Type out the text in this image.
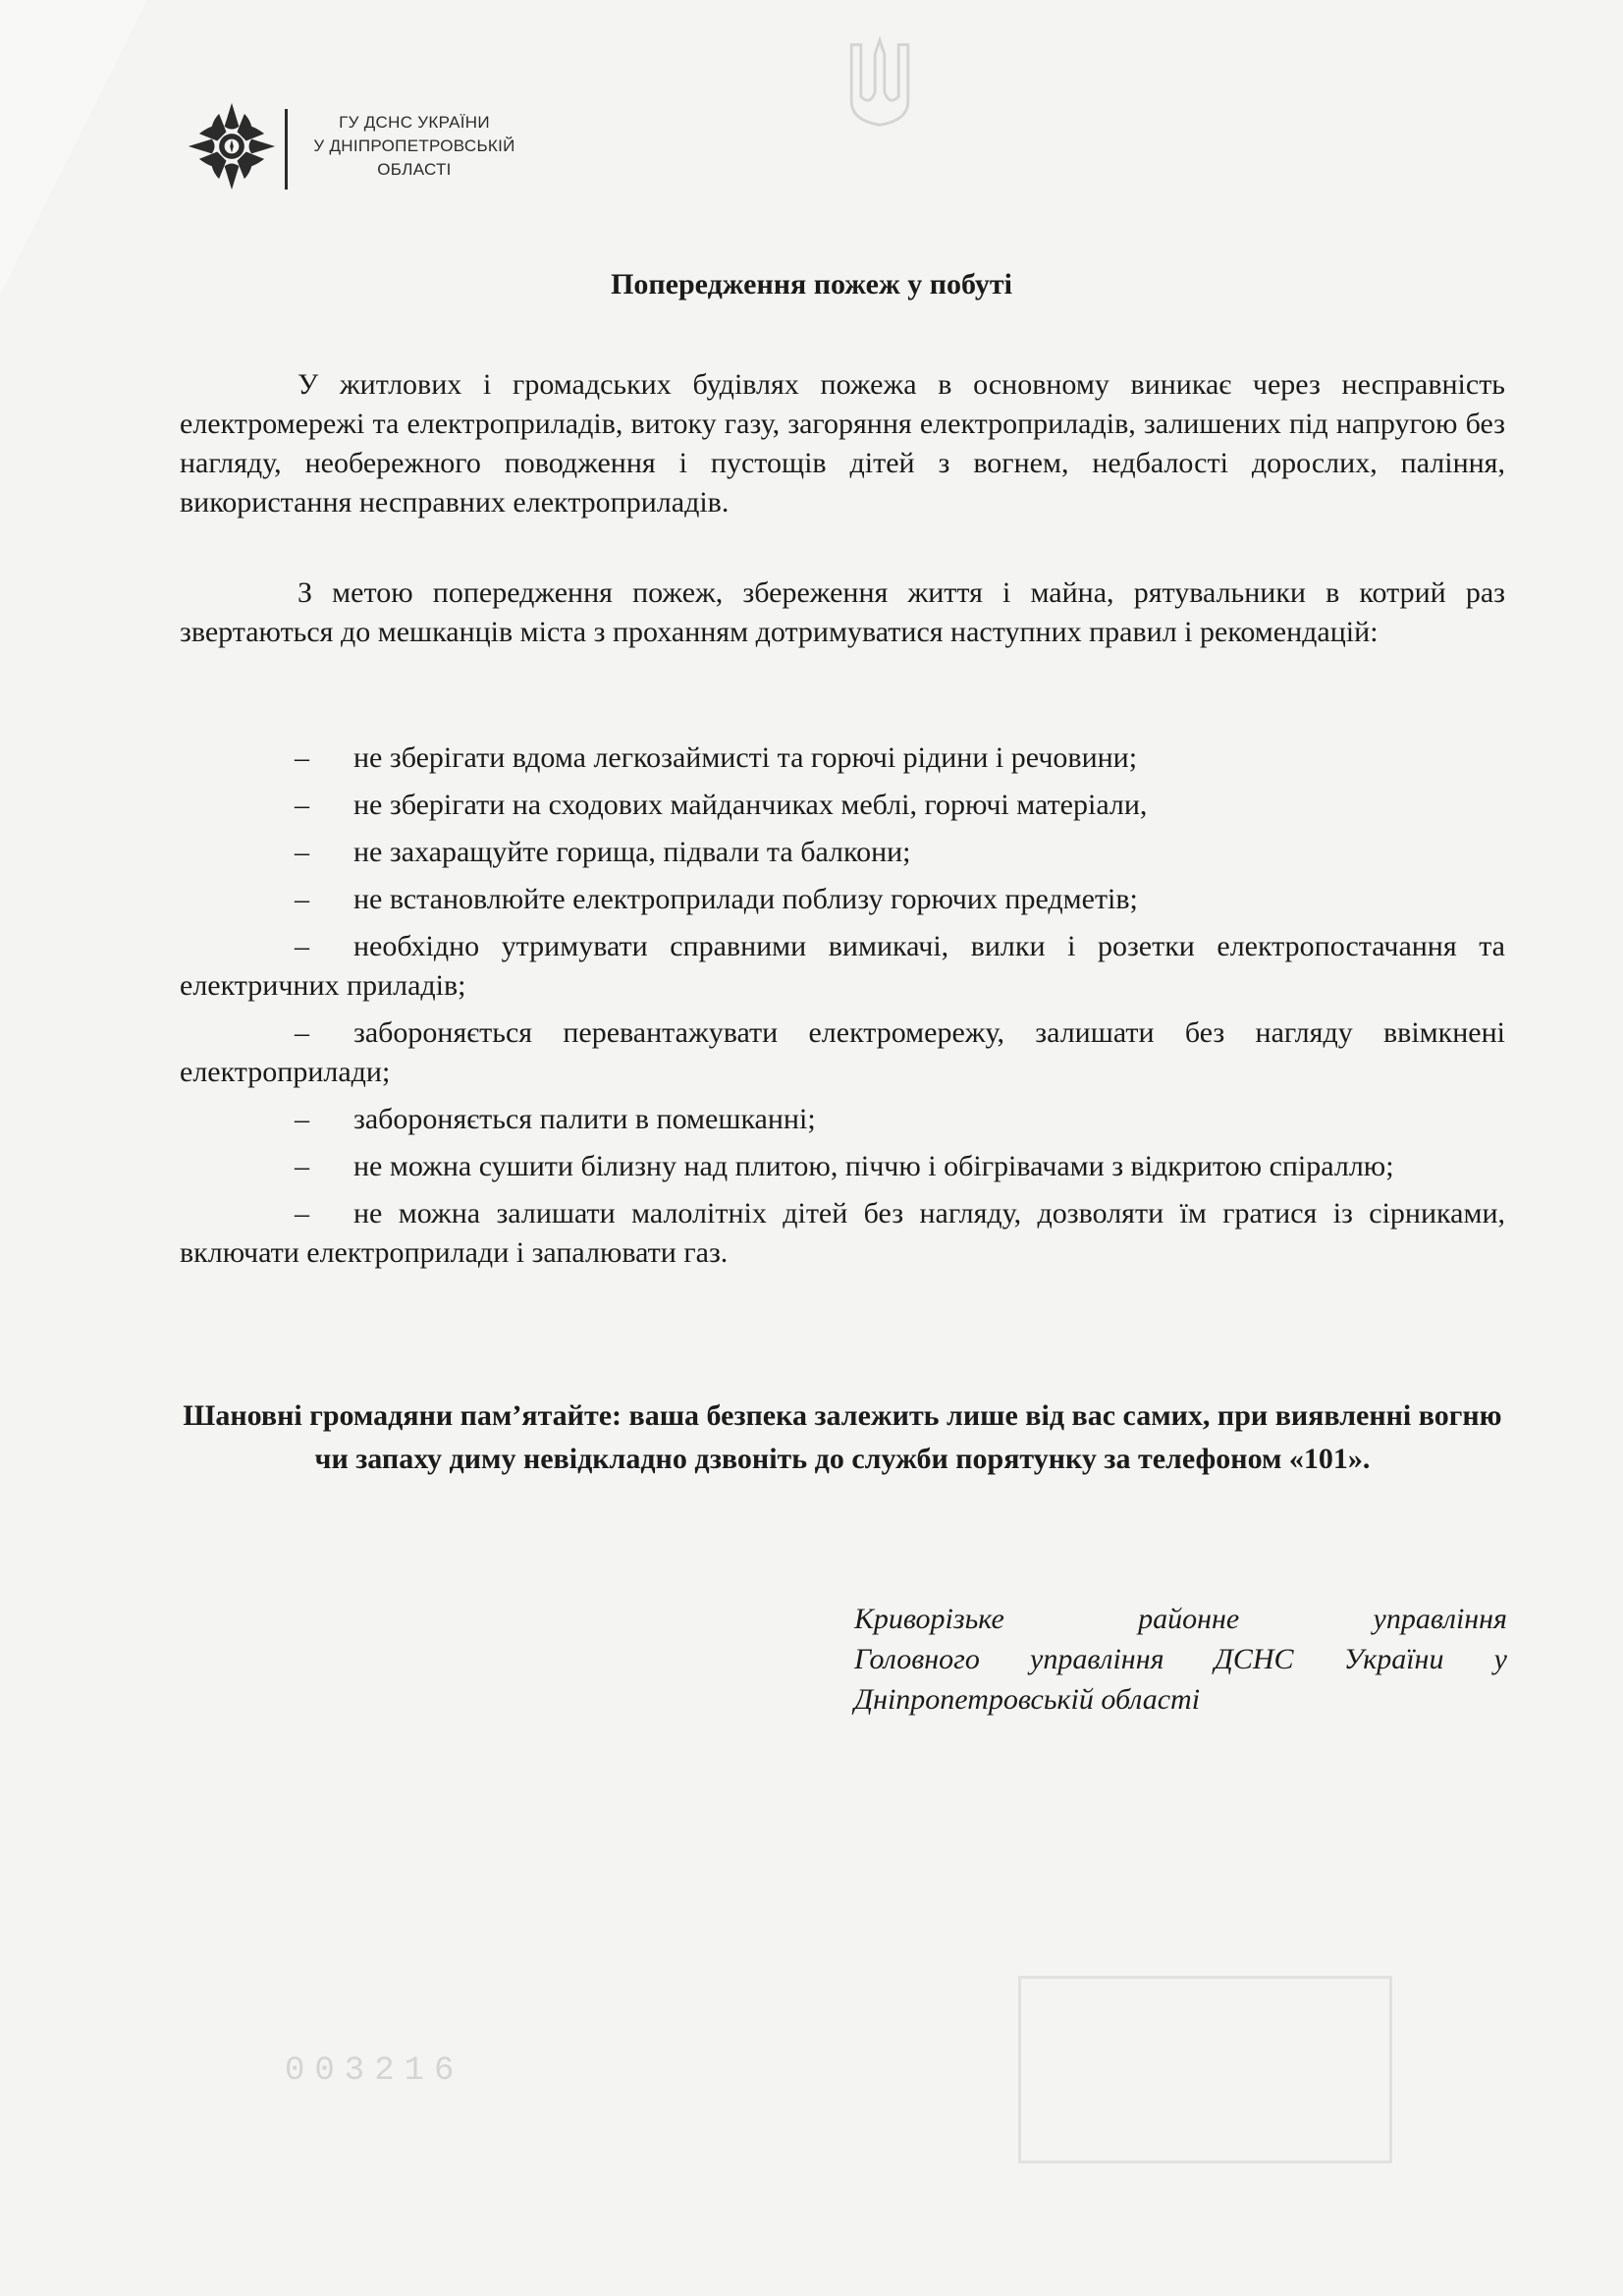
003216
ГУ ДСНС УКРАЇНИ
У ДНІПРОПЕТРОВСЬКІЙ
ОБЛАСТІ
Попередження пожеж у побуті

У житлових і громадських будівлях пожежа в основному виникає через несправність електромережі та електроприладів, витоку газу, загоряння електроприладів, залишених під напругою без нагляду, необережного поводження і пустощів дітей з вогнем, недбалості дорослих, паління, використання несправних електроприладів.

З метою попередження пожеж, збереження життя і майна, рятувальники в котрий раз звертаються до мешканців міста з проханням дотримуватися наступних правил і рекомендацій:

– не зберігати вдома легкозаймисті та горючі рідини і речовини;
– не зберігати на сходових майданчиках меблі, горючі матеріали,
– не захаращуйте горища, підвали та балкони;
– не встановлюйте електроприлади поблизу горючих предметів;
– необхідно утримувати справними вимикачі, вилки і розетки електропостачання та електричних приладів;
– забороняється перевантажувати електромережу, залишати без нагляду ввімкнені електроприлади;
– забороняється палити в помешканні;
– не можна сушити білизну над плитою, піччю і обігрівачами з відкритою спіраллю;
– не можна залишати малолітніх дітей без нагляду, дозволяти їм гратися із сірниками, включати електроприлади і запалювати газ.
Шановні громадяни пам’ятайте: ваша безпека залежить лише від вас самих, при виявленні вогню чи запаху диму невідкладно дзвоніть до служби порятунку за телефоном «101».
Криворізьке районне управління
Головного управління ДСНС України у
Дніпропетровській області
